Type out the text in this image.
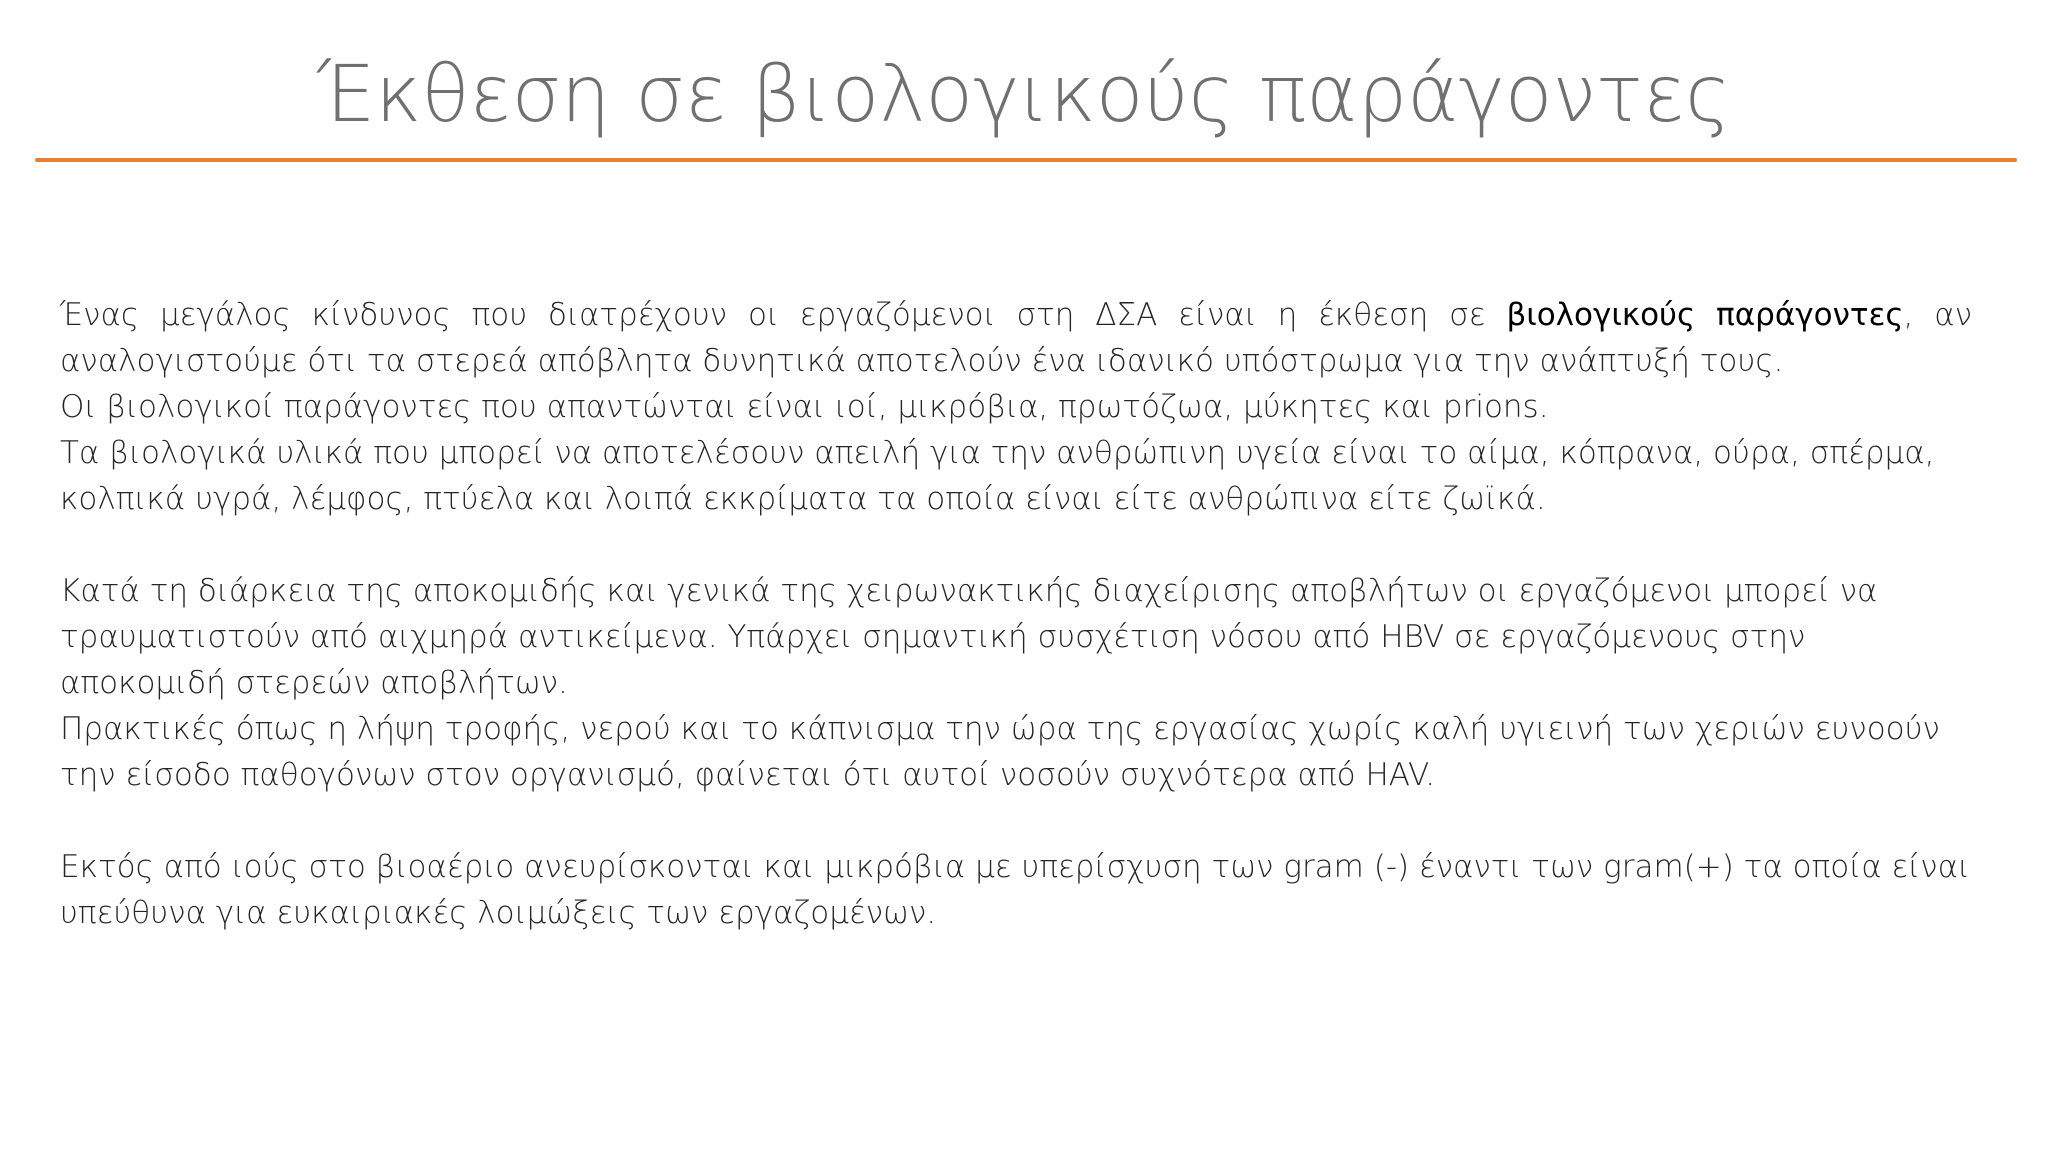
Έκθεση σε βιολογικούς παράγοντες

Ένας μεγάλος κίνδυνος που διατρέχουν οι εργαζόμενοι στη ΔΣΑ είναι η έκθεση σε βιολογικούς παράγοντες, αν αναλογιστούμε ότι τα στερεά απόβλητα δυνητικά αποτελούν ένα ιδανικό υπόστρωμα για την ανάπτυξή τους.

Οι βιολογικοί παράγοντες που απαντώνται είναι ιοί, μικρόβια, πρωτόζωα, μύκητες και prions.

Τα βιολογικά υλικά που μπορεί να αποτελέσουν απειλή για την ανθρώπινη υγεία είναι το αίμα, κόπρανα, ούρα, σπέρμα, κολπικά υγρά, λέμφος, πτύελα και λοιπά εκκρίματα τα οποία είναι είτε ανθρώπινα είτε ζωϊκά.

Κατά τη διάρκεια της αποκομιδής και γενικά της χειρωνακτικής διαχείρισης αποβλήτων οι εργαζόμενοι μπορεί να τραυματιστούν από αιχμηρά αντικείμενα. Υπάρχει σημαντική συσχέτιση νόσου από HBV σε εργαζόμενους στην αποκομιδή στερεών αποβλήτων.

Πρακτικές όπως η λήψη τροφής, νερού και το κάπνισμα την ώρα της εργασίας χωρίς καλή υγιεινή των χεριών ευνοούν την είσοδο παθογόνων στον οργανισμό, φαίνεται ότι αυτοί νοσούν συχνότερα από HAV.

Εκτός από ιούς στο βιοαέριο ανευρίσκονται και μικρόβια με υπερίσχυση των gram (-) έναντι των gram(+) τα οποία είναι υπεύθυνα για ευκαιριακές λοιμώξεις των εργαζομένων.
